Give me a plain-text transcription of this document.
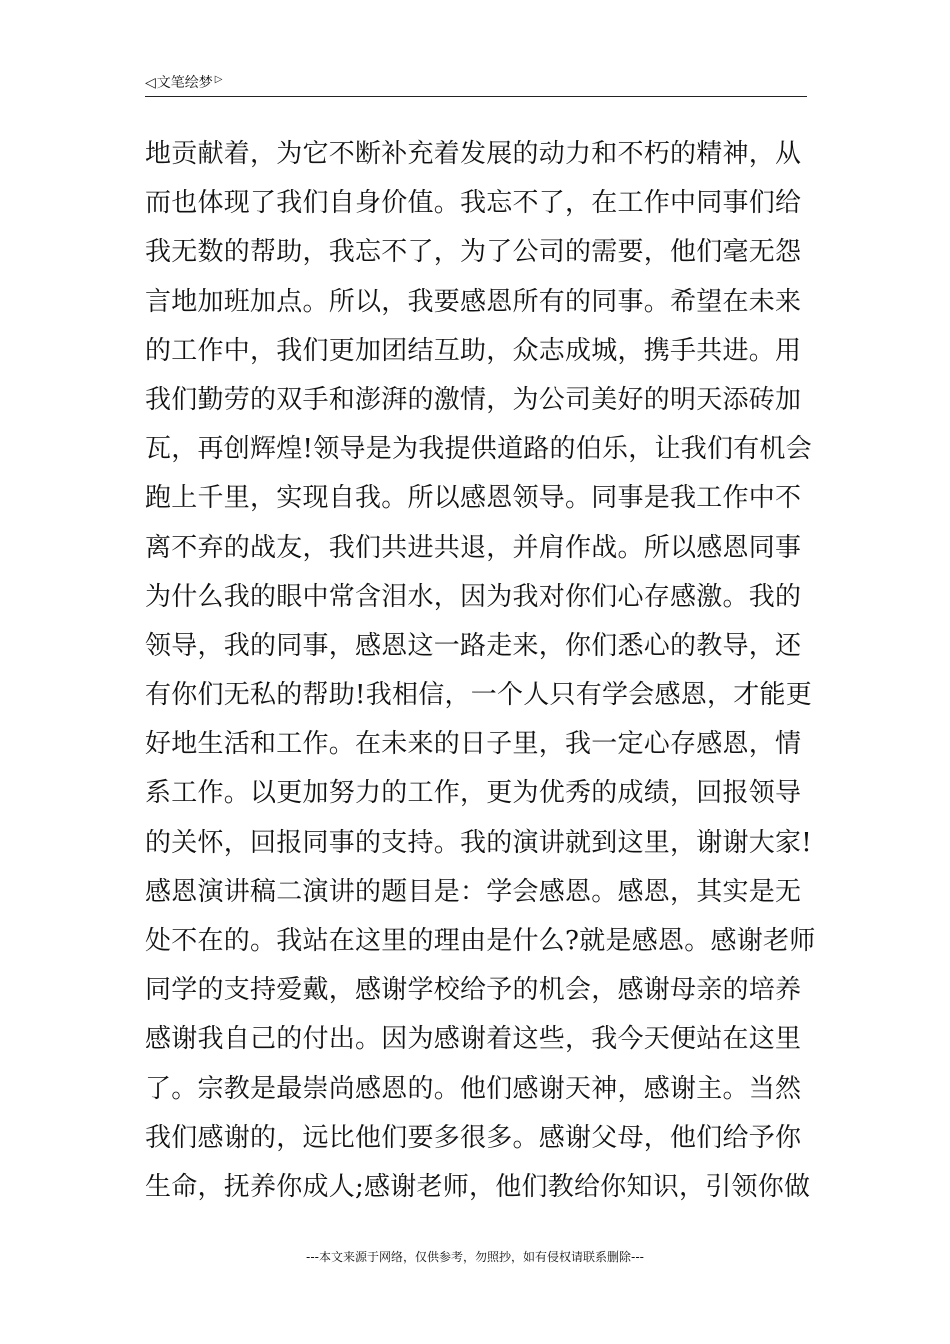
◁ 文笔绘梦 ▷
地贡献着，为它不断补充着发展的动力和不朽的精神，从
而也体现了我们自身价值。我忘不了，在工作中同事们给
我无数的帮助，我忘不了，为了公司的需要，他们毫无怨
言地加班加点。所以，我要感恩所有的同事。希望在未来
的工作中，我们更加团结互助，众志成城，携手共进。用
我们勤劳的双手和澎湃的激情，为公司美好的明天添砖加
瓦，再创辉煌!领导是为我提供道路的伯乐，让我们有机会
跑上千里，实现自我。所以感恩领导。同事是我工作中不
离不弃的战友，我们共进共退，并肩作战。所以感恩同事
为什么我的眼中常含泪水，因为我对你们心存感激。我的
领导，我的同事，感恩这一路走来，你们悉心的教导，还
有你们无私的帮助!我相信，一个人只有学会感恩，才能更
好地生活和工作。在未来的日子里，我一定心存感恩，情
系工作。以更加努力的工作，更为优秀的成绩，回报领导
的关怀，回报同事的支持。我的演讲就到这里，谢谢大家!
感恩演讲稿二演讲的题目是：学会感恩。感恩，其实是无
处不在的。我站在这里的理由是什么?就是感恩。感谢老师
同学的支持爱戴，感谢学校给予的机会，感谢母亲的培养
感谢我自己的付出。因为感谢着这些，我今天便站在这里
了。宗教是最崇尚感恩的。他们感谢天神，感谢主。当然
我们感谢的，远比他们要多很多。感谢父母，他们给予你
生命，抚养你成人;感谢老师，他们教给你知识，引领你做
---本文来源于网络，仅供参考，勿照抄，如有侵权请联系删除---
